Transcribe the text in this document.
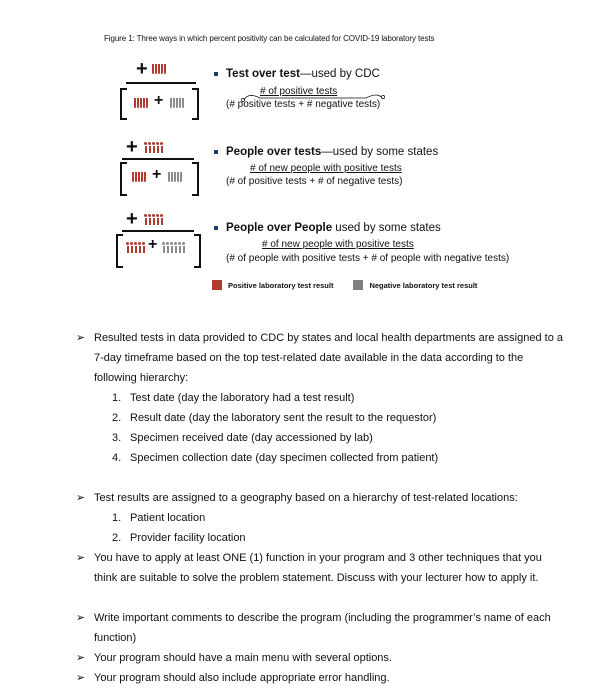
Figure 1: Three ways in which percent positivity can be calculated for COVID-19 laboratory tests
+
+
Test over test—used by CDC
# of positive tests
(# positive tests + # negative tests)
+
+
People over tests—used by some states
# of new people with positive tests
(# of positive tests + # of negative tests)
+
+
People over People used by some states
# of new people with positive tests
(# of people with positive tests + # of people with negative tests)
Positive laboratory test result	Negative laboratory test result
➢ Resulted tests in data provided to CDC by states and local health departments are assigned to a 7-day timeframe based on the top test-related date available in the data according to the following hierarchy:
1. Test date (day the laboratory had a test result)
2. Result date (day the laboratory sent the result to the requestor)
3. Specimen received date (day accessioned by lab)
4. Specimen collection date (day specimen collected from patient)
➢ Test results are assigned to a geography based on a hierarchy of test-related locations:
1. Patient location
2. Provider facility location
➢ You have to apply at least ONE (1) function in your program and 3 other techniques that you think are suitable to solve the problem statement. Discuss with your lecturer how to apply it.
➢ Write important comments to describe the program (including the programmer’s name of each function)
➢ Your program should have a main menu with several options.
➢ Your program should also include appropriate error handling.
